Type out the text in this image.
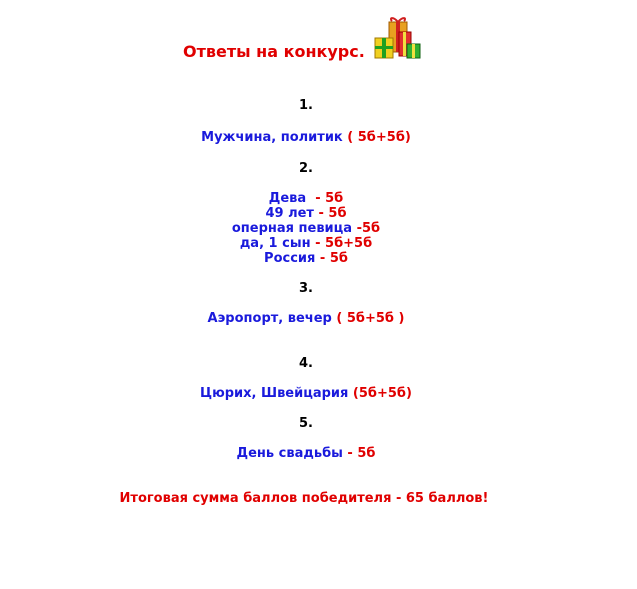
Ответы на конкурс.
1.
Мужчина, политик ( 5б+5б)
2.
Дева  - 5б
49 лет - 5б
оперная певица -5б
да, 1 сын - 5б+5б
Россия - 5б
3.
Аэропорт, вечер ( 5б+5б )
4.
Цюрих, Швейцария (5б+5б)
5.
День свадьбы - 5б
Итоговая сумма баллов победителя - 65 баллов!
